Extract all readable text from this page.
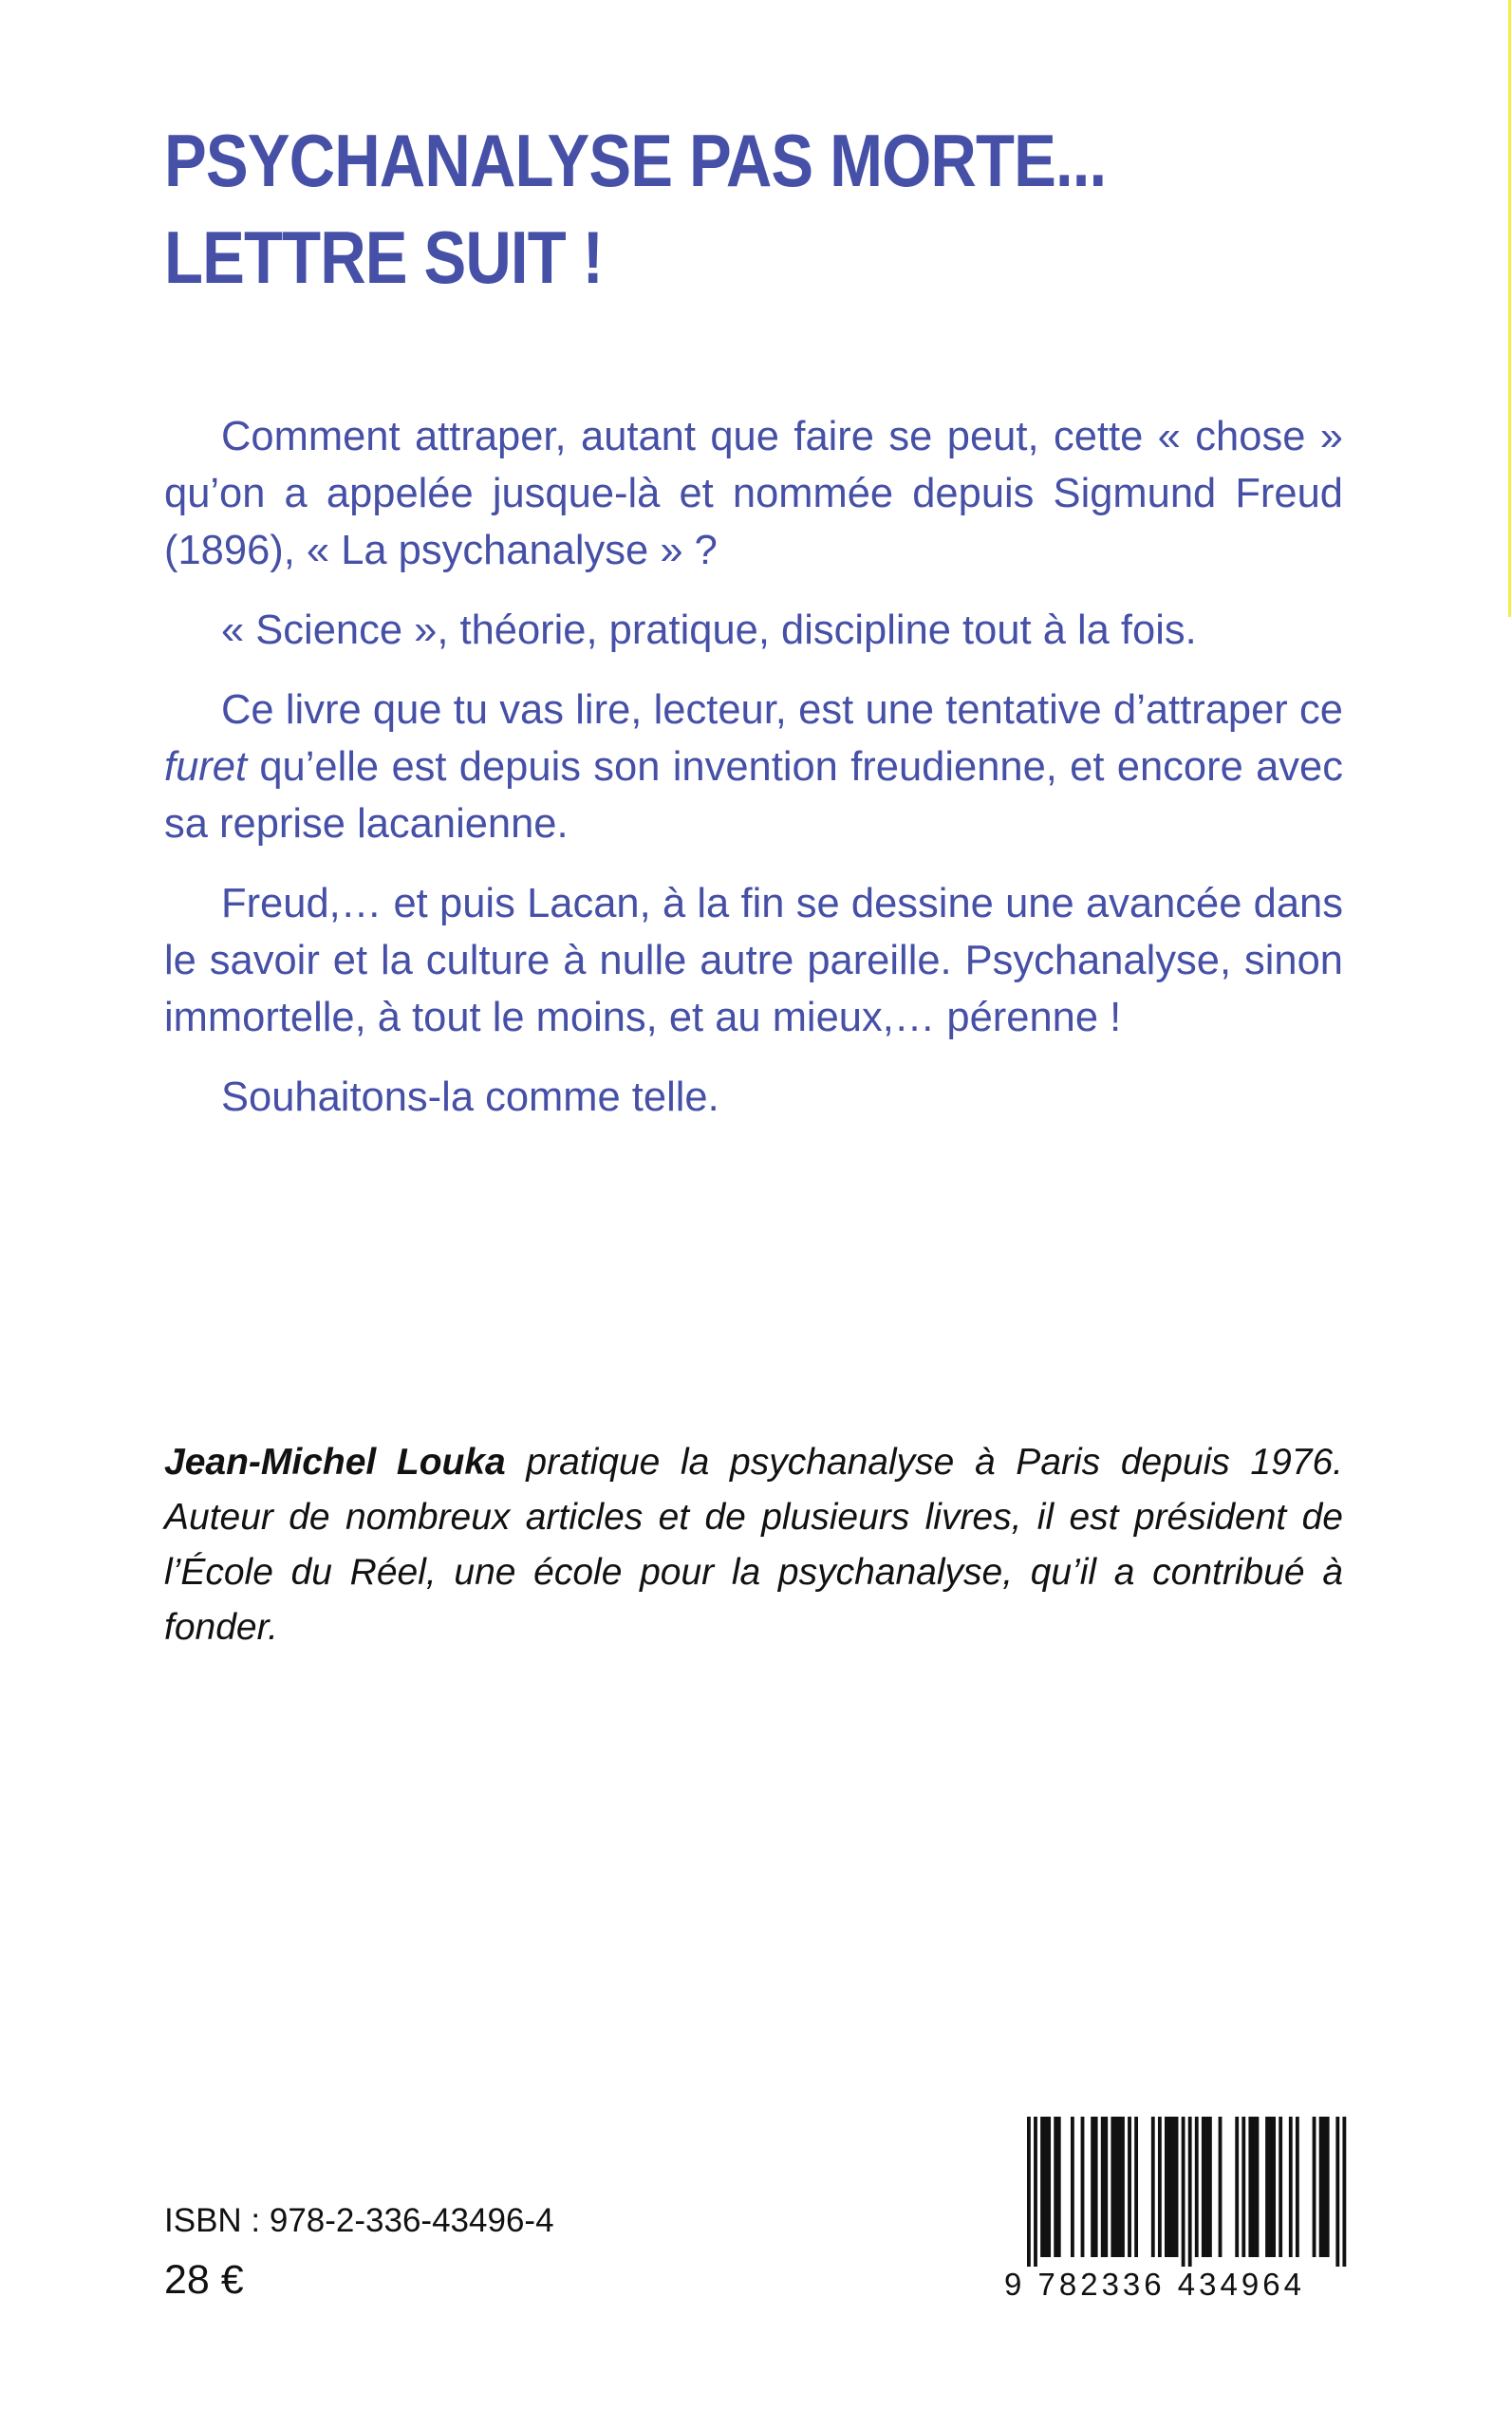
PSYCHANALYSE PAS MORTE...
LETTRE SUIT !

Comment attraper, autant que faire se peut, cette « chose » qu’on a appelée jusque-là et nommée depuis Sigmund Freud (1896), « La psychanalyse » ?

« Science », théorie, pratique, discipline tout à la fois.

Ce livre que tu vas lire, lecteur, est une tentative d’attraper ce furet qu’elle est depuis son invention freudienne, et encore avec sa reprise lacanienne.

Freud,… et puis Lacan, à la fin se dessine une avancée dans le savoir et la culture à nulle autre pareille. Psychanalyse, sinon immortelle, à tout le moins, et au mieux,… pérenne !

Souhaitons-la comme telle.

Jean-Michel Louka pratique la psychanalyse à Paris depuis 1976. Auteur de nombreux articles et de plusieurs livres, il est président de l’École du Réel, une école pour la psychanalyse, qu’il a contribué à fonder.

ISBN : 978-2-336-43496-4
28 €	9 782336 434964
